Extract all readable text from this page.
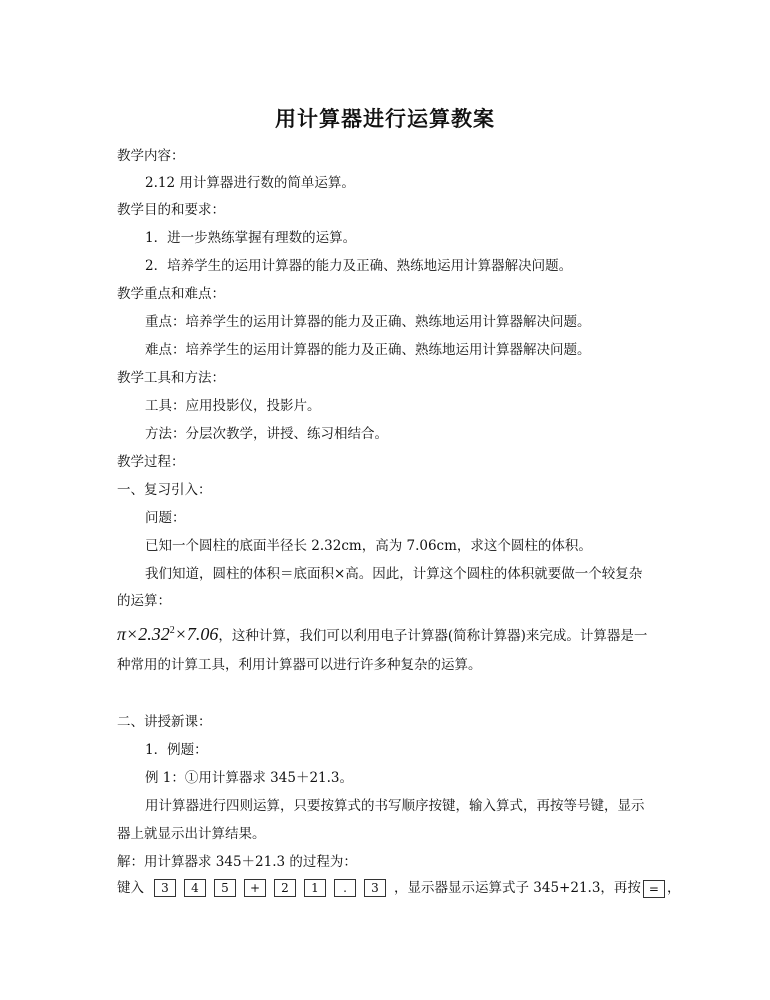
用计算器进行运算教案
教学内容：
2.12 用计算器进行数的简单运算。
教学目的和要求：
1．进一步熟练掌握有理数的运算。
2．培养学生的运用计算器的能力及正确、熟练地运用计算器解决问题。
教学重点和难点：
重点：培养学生的运用计算器的能力及正确、熟练地运用计算器解决问题。
难点：培养学生的运用计算器的能力及正确、熟练地运用计算器解决问题。
教学工具和方法：
工具：应用投影仪，投影片。
方法：分层次教学，讲授、练习相结合。
教学过程：
一、复习引入：
问题：
已知一个圆柱的底面半径长 2.32cm，高为 7.06cm，求这个圆柱的体积。
我们知道，圆柱的体积＝底面积×高。因此，计算这个圆柱的体积就要做一个较复杂
的运算：
$\pi\times 2.32^2\times 7.06$，这种计算，我们可以利用电子计算器(简称计算器)来完成。计算器是一
种常用的计算工具，利用计算器可以进行许多种复杂的运算。
二、讲授新课：
1．例题：
例 1：①用计算器求 345＋21.3。
用计算器进行四则运算，只要按算式的书写顺序按键，输入算式，再按等号键，显示
器上就显示出计算结果。
解：用计算器求 345＋21.3 的过程为：
键入	3	4	5	+	2	1	.	3	，显示器显示运算式子 345+21.3，再按 = ，
